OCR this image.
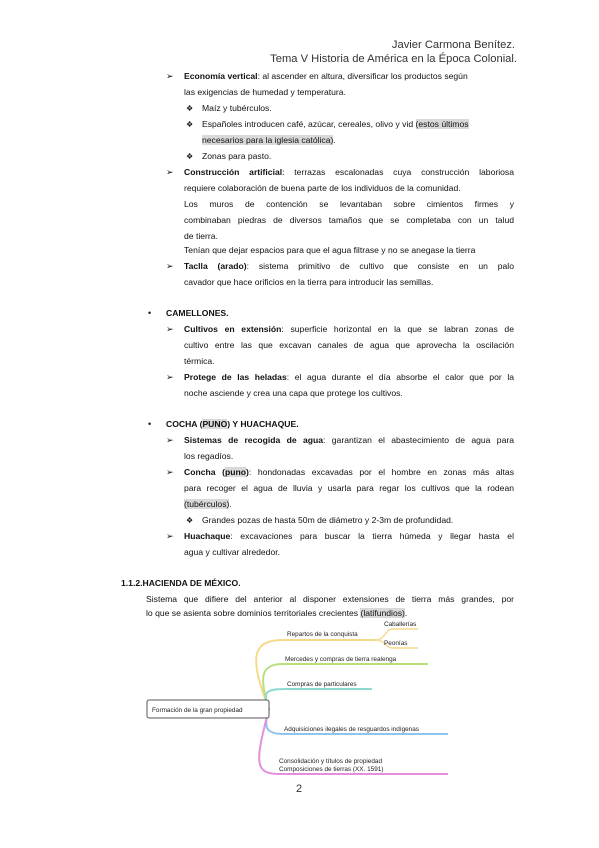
Javier Carmona Benítez.
Tema V Historia de América en la Época Colonial.
➢ Economía vertical: al ascender en altura, diversificar los productos según
las exigencias de humedad y temperatura.
❖ Maíz y tubérculos.
❖ Españoles introducen café, azúcar, cereales, olivo y vid (estos últimos
necesarios para la iglesia católica).
❖ Zonas para pasto.
➢ Construcción artificial: terrazas escalonadas cuya construcción laboriosa
requiere colaboración de buena parte de los individuos de la comunidad.
Los muros de contención se levantaban sobre cimientos firmes y
combinaban piedras de diversos tamaños que se completaba con un talud
de tierra.
Tenían que dejar espacios para que el agua filtrase y no se anegase la tierra
➢ Taclla (arado): sistema primitivo de cultivo que consiste en un palo
cavador que hace orificios en la tierra para introducir las semillas.
• CAMELLONES.
➢ Cultivos en extensión: superficie horizontal en la que se labran zonas de
cultivo entre las que excavan canales de agua que aprovecha la oscilación
térmica.
➢ Protege de las heladas: el agua durante el día absorbe el calor que por la
noche asciende y crea una capa que protege los cultivos.
• COCHA (PUNO) Y HUACHAQUE.
➢ Sistemas de recogida de agua: garantizan el abastecimiento de agua para
los regadíos.
➢ Concha (puno): hondonadas excavadas por el hombre en zonas más altas
para recoger el agua de lluvia y usarla para regar los cultivos que la rodean
(tubérculos).
❖ Grandes pozas de hasta 50m de diámetro y 2-3m de profundidad.
➢ Huachaque: excavaciones para buscar la tierra húmeda y llegar hasta el
agua y cultivar alrededor.
1.1.2.HACIENDA DE MÉXICO.
Sistema que difiere del anterior al disponer extensiones de tierra más grandes, por
lo que se asienta sobre dominios territoriales crecientes (latifundios).
Formación de la gran propiedad
Repartos de la conquista
Caballerías
Peonías
Mercedes y compras de tierra realenga
Compras de particulares
Adquisiciones ilegales de resguardos indígenas
Consolidación y títulos de propiedad
Composiciones de tierras (XX. 1591)
2
